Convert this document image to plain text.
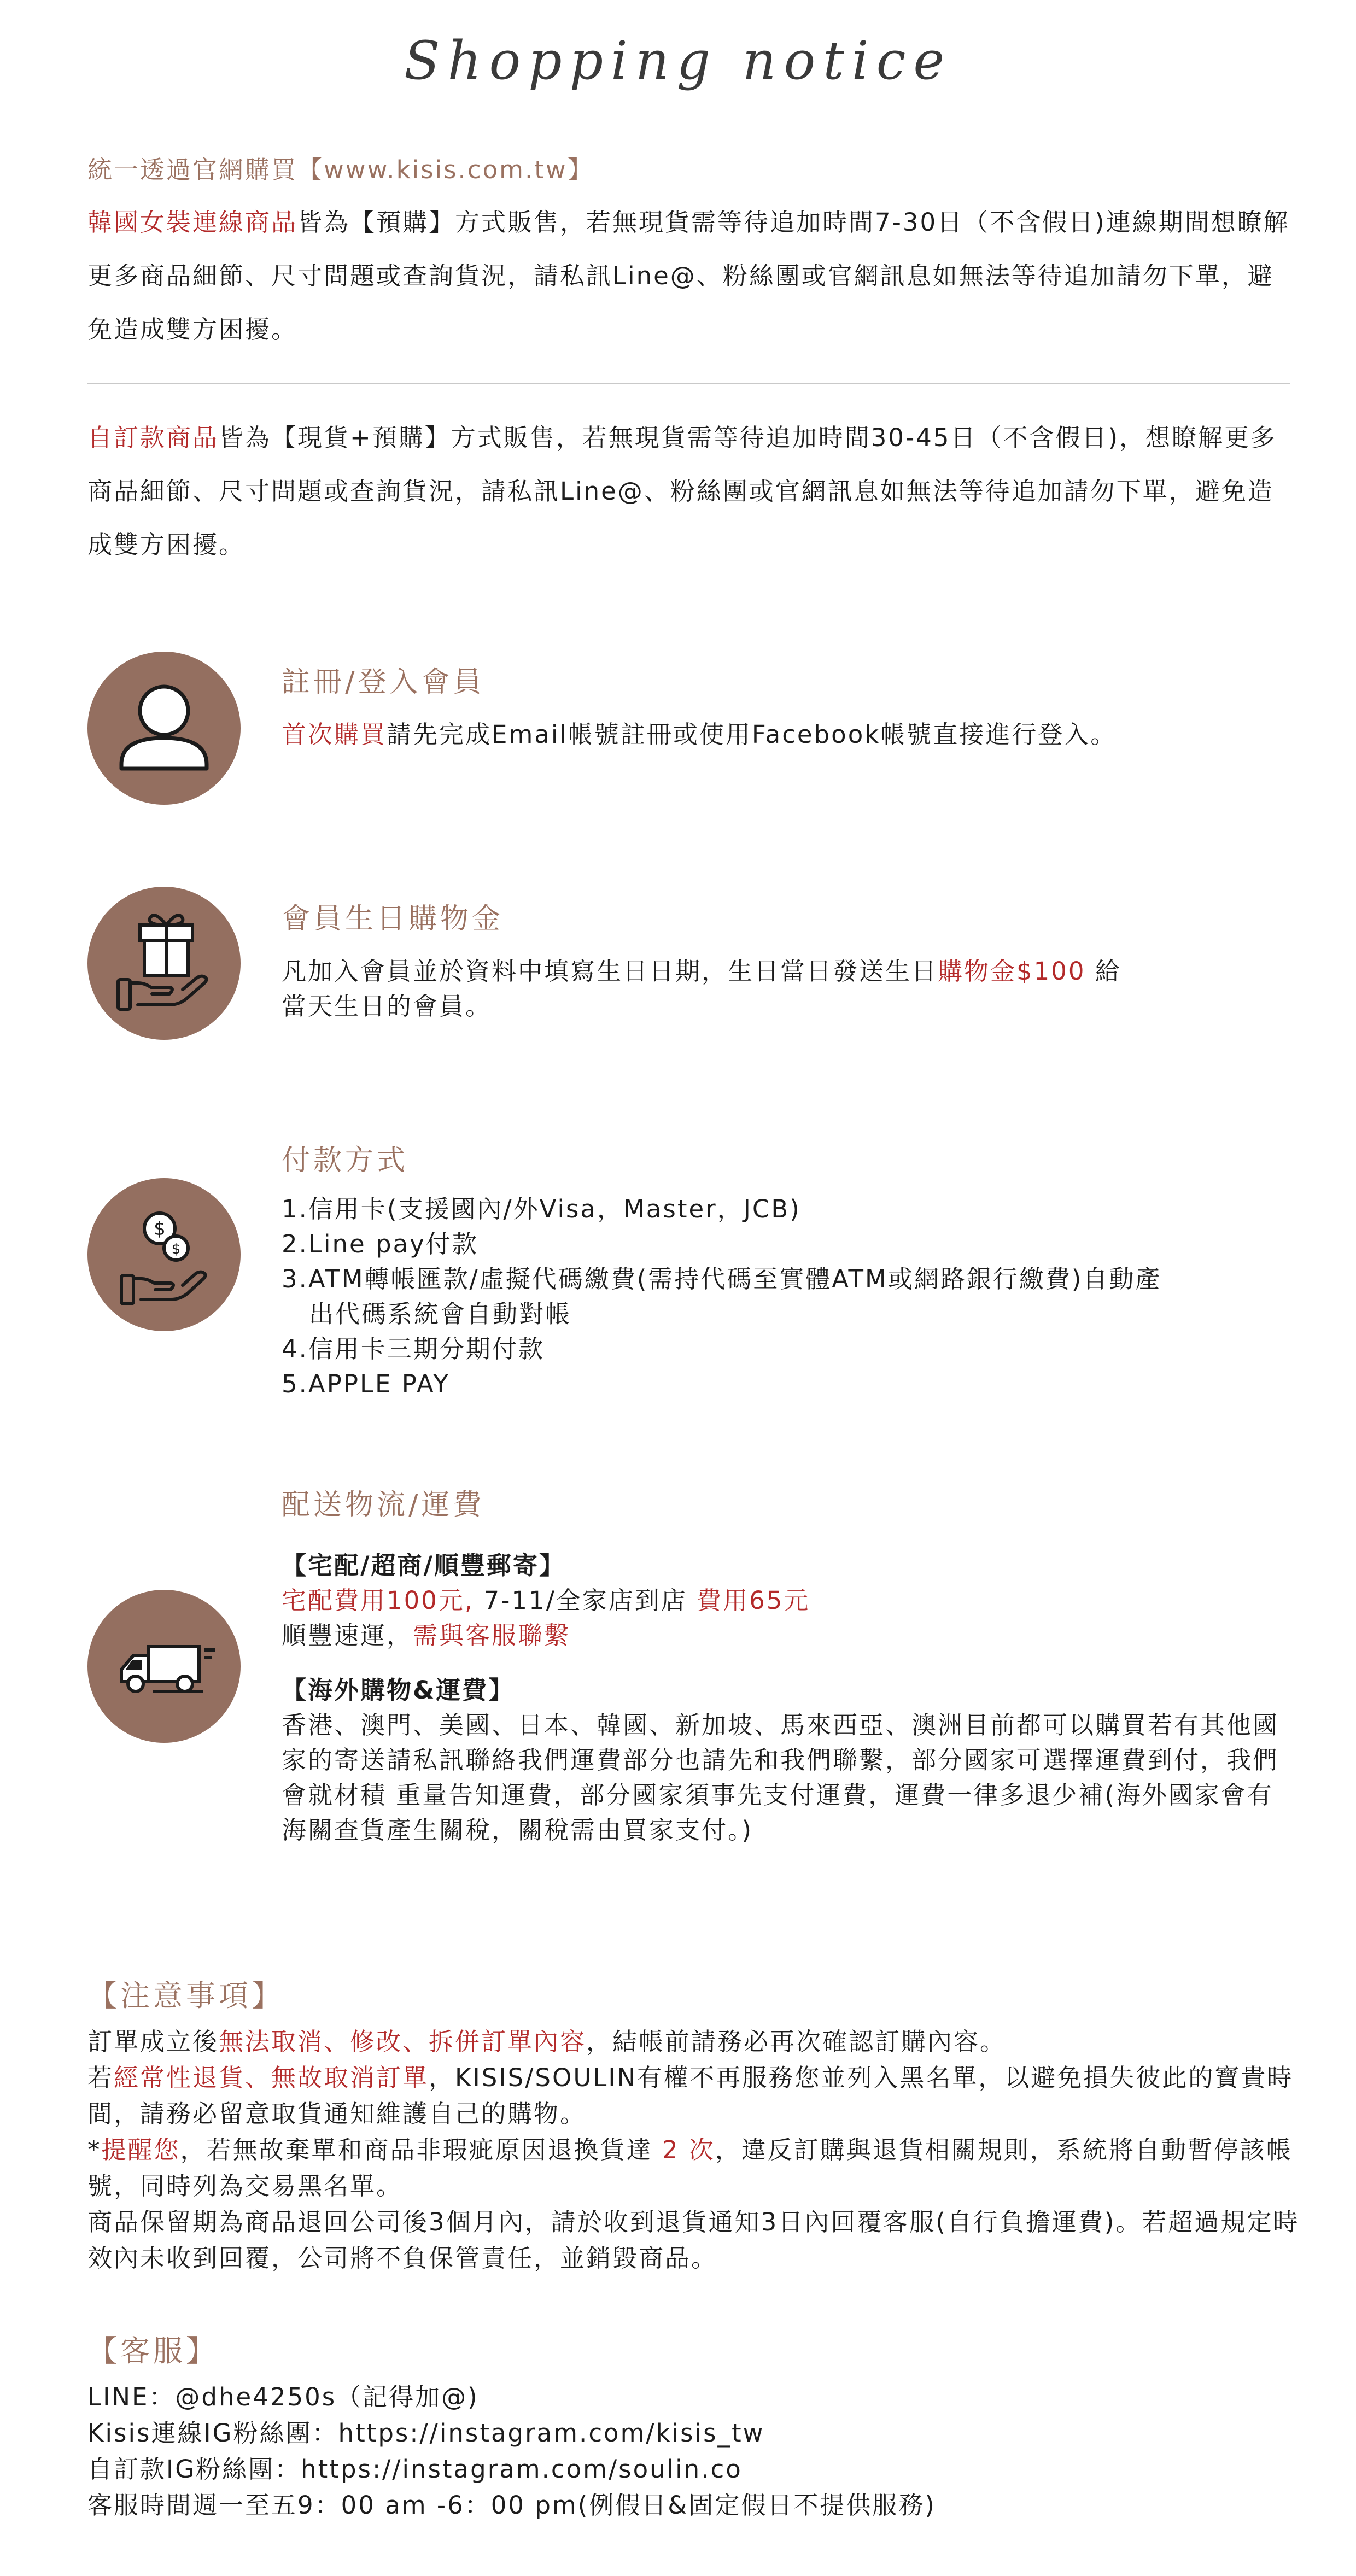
Shopping notice
統一透過官網購買【www.kisis.com.tw】
韓國女裝連線商品皆為【預購】方式販售，若無現貨需等待追加時間7-30日（不含假日)連線期間想瞭解更多商品細節、尺寸問題或查詢貨況，請私訊Line@、粉絲團或官網訊息如無法等待追加請勿下單，避免造成雙方困擾。
自訂款商品皆為【現貨+預購】方式販售，若無現貨需等待追加時間30-45日（不含假日)，想瞭解更多商品細節、尺寸問題或查詢貨況，請私訊Line@、粉絲團或官網訊息如無法等待追加請勿下單，避免造成雙方困擾。
註冊/登入會員
首次購買請先完成Email帳號註冊或使用Facebook帳號直接進行登入。
會員生日購物金
凡加入會員並於資料中填寫生日日期，生日當日發送生日購物金$100 給
當天生日的會員。
$
$
付款方式
1.信用卡(支援國內/外Visa，Master，JCB)
2.Line pay付款
3.ATM轉帳匯款/虛擬代碼繳費(需持代碼至實體ATM或網路銀行繳費)自動產
出代碼系統會自動對帳
4.信用卡三期分期付款
5.APPLE PAY
配送物流/運費
【宅配/超商/順豐郵寄】
宅配費用100元, 7-11/全家店到店 費用65元
順豐速運，需與客服聯繫
【海外購物&運費】
香港、澳門、美國、日本、韓國、新加坡、馬來西亞、澳洲目前都可以購買若有其他國家的寄送請私訊聯絡我們運費部分也請先和我們聯繫，部分國家可選擇運費到付，我們會就材積 重量告知運費，部分國家須事先支付運費，運費一律多退少補(海外國家會有海關查貨產生關稅，關稅需由買家支付。)
【注意事項】
訂單成立後無法取消、修改、拆併訂單內容，結帳前請務必再次確認訂購內容。
若經常性退貨、無故取消訂單，KISIS/SOULIN有權不再服務您並列入黑名單，以避免損失彼此的寶貴時間，請務必留意取貨通知維護自己的購物。
*提醒您，若無故棄單和商品非瑕疵原因退換貨達 2 次，違反訂購與退貨相關規則，系統將自動暫停該帳號，同時列為交易黑名單。
商品保留期為商品退回公司後3個月內，請於收到退貨通知3日內回覆客服(自行負擔運費)。若超過規定時效內未收到回覆，公司將不負保管責任，並銷毀商品。
【客服】
LINE：@dhe4250s（記得加@)
Kisis連線IG粉絲團：https://instagram.com/kisis_tw
自訂款IG粉絲團：https://instagram.com/soulin.co
客服時間週一至五9：00 am -6：00 pm(例假日&固定假日不提供服務)
